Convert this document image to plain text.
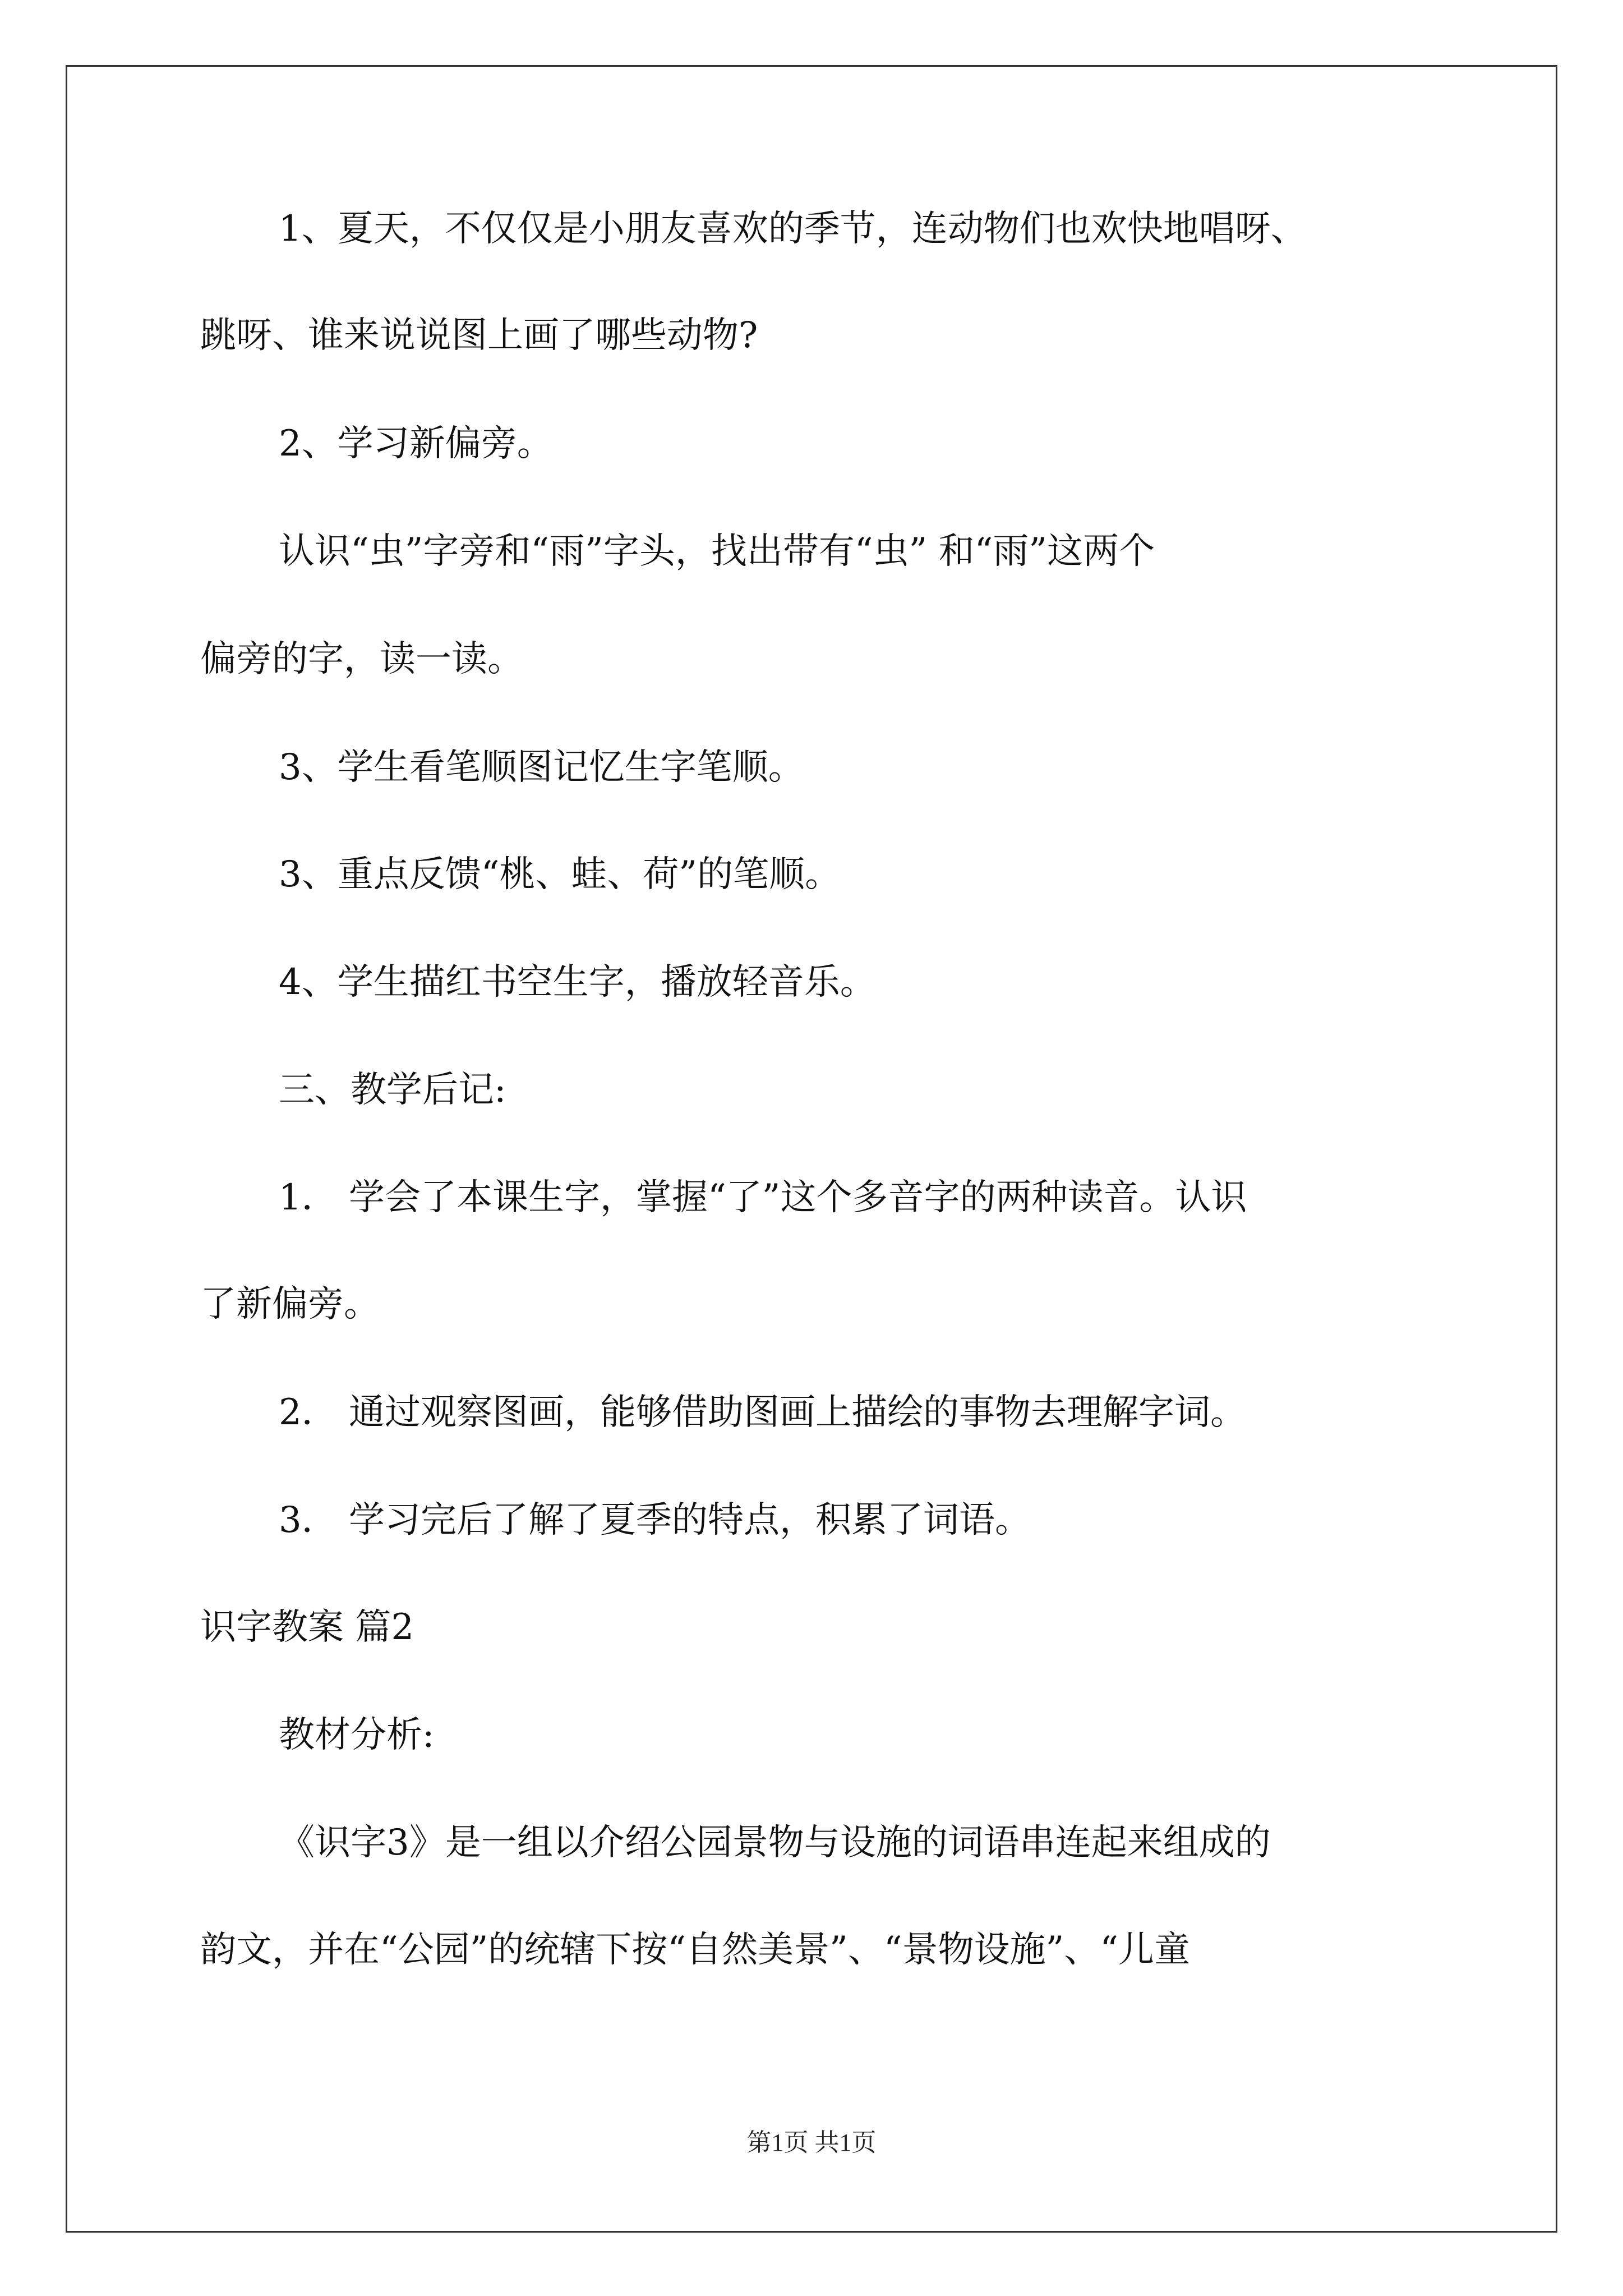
1、夏天，不仅仅是小朋友喜欢的季节，连动物们也欢快地唱呀、
跳呀、谁来说说图上画了哪些动物?
2、学习新偏旁。
认识“虫”字旁和“雨”字头，找出带有“虫” 和“雨”这两个
偏旁的字，读一读。
3、学生看笔顺图记忆生字笔顺。
3、重点反馈“桃、蛙、荷”的笔顺。
4、学生描红书空生字，播放轻音乐。
三、教学后记:
1． 学会了本课生字，掌握“了”这个多音字的两种读音。认识
了新偏旁。
2． 通过观察图画，能够借助图画上描绘的事物去理解字词。
3． 学习完后了解了夏季的特点，积累了词语。
识字教案 篇2
教材分析:
《识字3》是一组以介绍公园景物与设施的词语串连起来组成的
韵文，并在“公园”的统辖下按“自然美景”、“景物设施”、“儿童
第1页 共1页
